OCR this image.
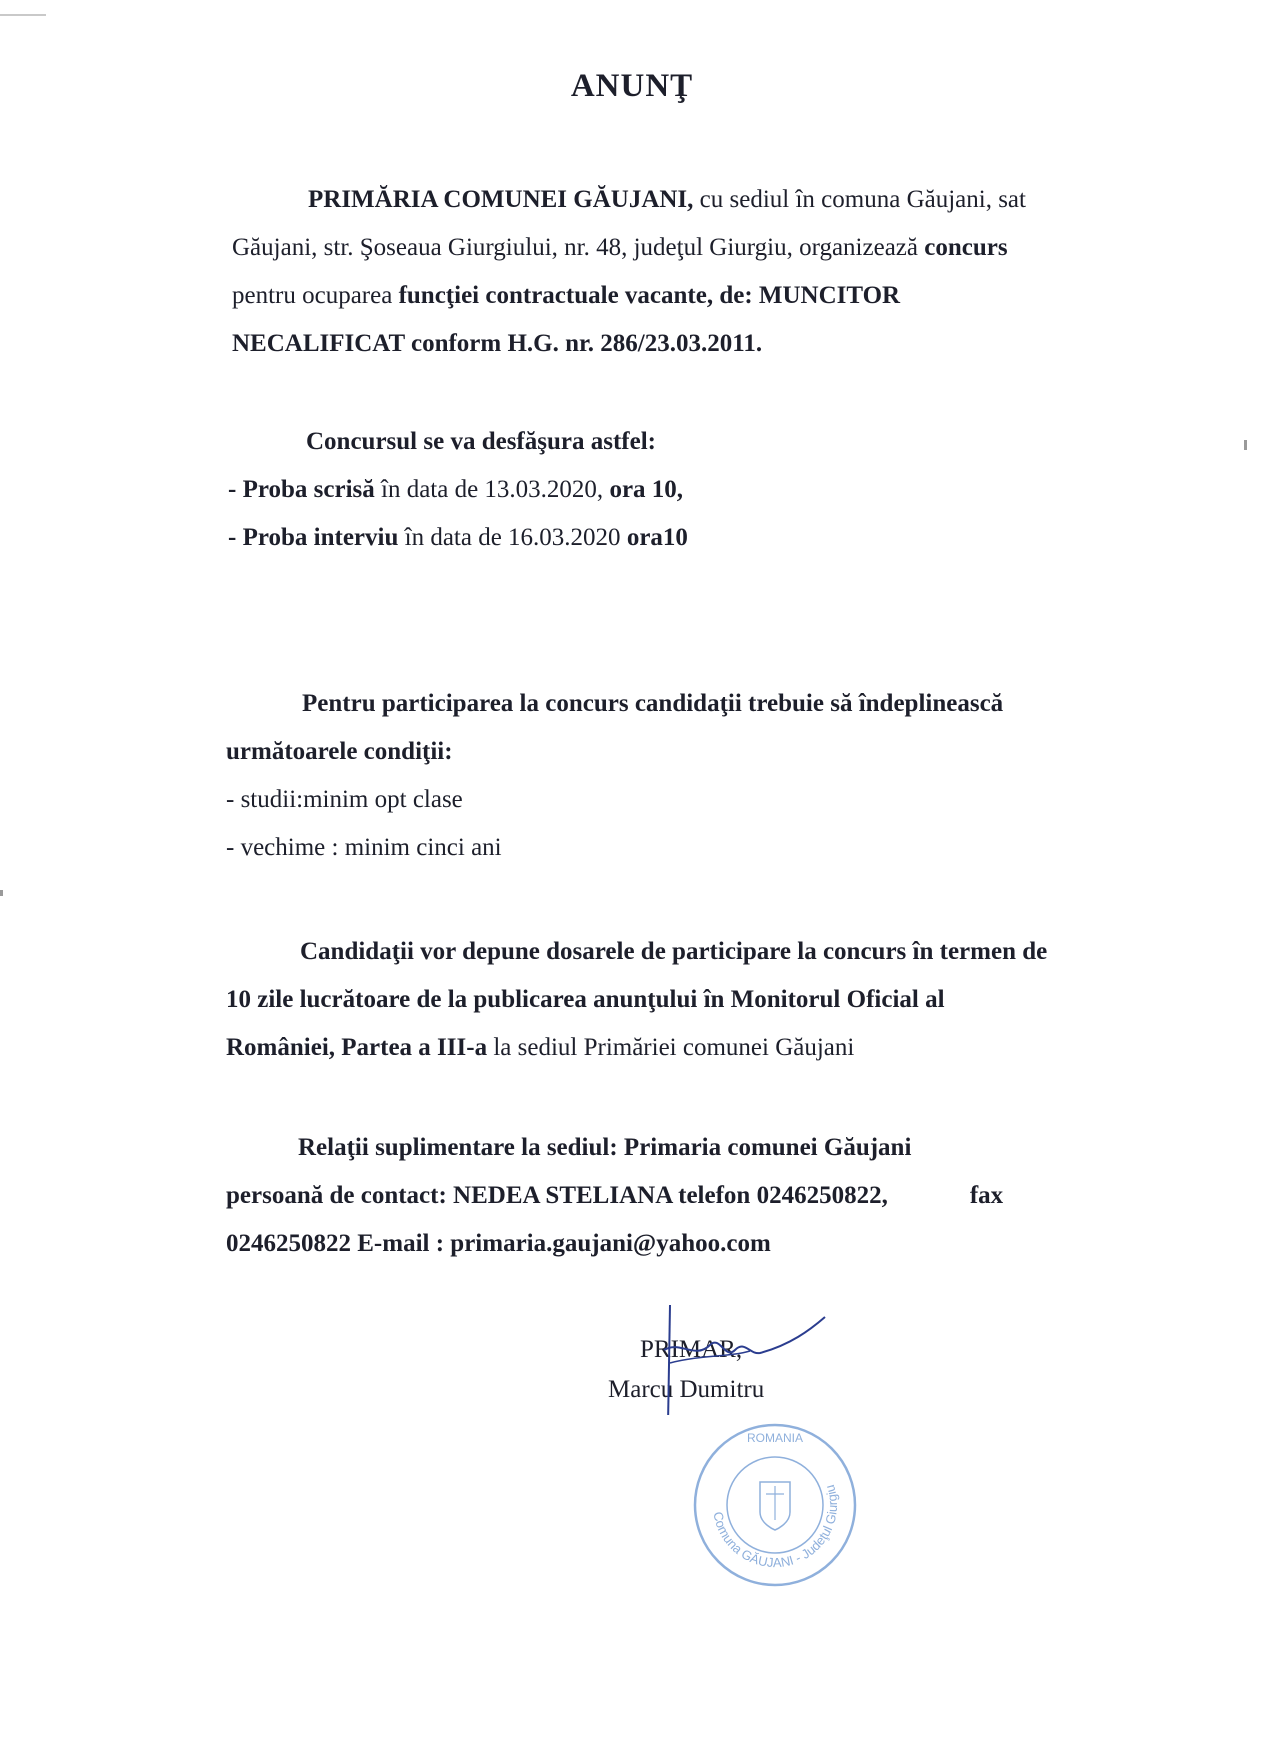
ANUNŢ
PRIMĂRIA COMUNEI GĂUJANI, cu sediul în comuna Găujani, sat
Găujani, str. Şoseaua Giurgiului, nr. 48, judeţul Giurgiu, organizează concurs
pentru ocuparea funcţiei contractuale vacante, de: MUNCITOR
NECALIFICAT conform H.G. nr. 286/23.03.2011.
Concursul se va desfăşura astfel:
- Proba scrisă în data de 13.03.2020, ora 10,
- Proba interviu în data de 16.03.2020 ora10
Pentru participarea la concurs candidaţii trebuie să îndeplinească
următoarele condiţii:
- studii:minim opt clase
- vechime : minim cinci ani
Candidaţii vor depune dosarele de participare la concurs în termen de
10 zile lucrătoare de la publicarea anunţului în Monitorul Oficial al
României, Partea a III-a la sediul Primăriei comunei Găujani
Relaţii suplimentare la sediul: Primaria comunei Găujani
persoană de contact: NEDEA STELIANA telefon 0246250822,	fax
0246250822 E-mail : primaria.gaujani@yahoo.com
PRIMAR,
Marcu Dumitru
Comuna GĂUJANI - Judeţul Giurgiu
ROMANIA
